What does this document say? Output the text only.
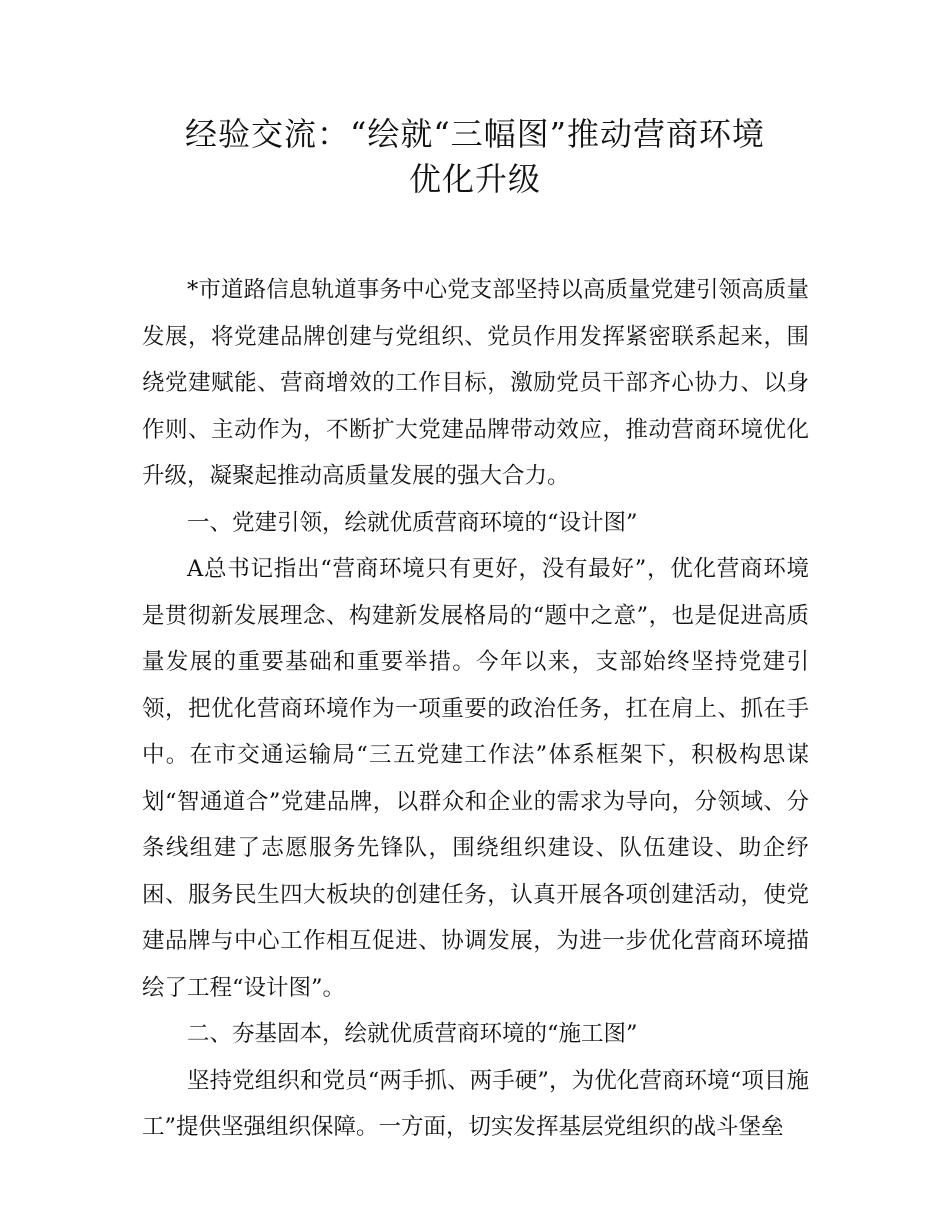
经验交流：“绘就“三幅图”推动营商环境
优化升级

*市道路信息轨道事务中心党支部坚持以高质量党建引领高质量发展，将党建品牌创建与党组织、党员作用发挥紧密联系起来，围绕党建赋能、营商增效的工作目标，激励党员干部齐心协力、以身作则、主动作为，不断扩大党建品牌带动效应，推动营商环境优化升级，凝聚起推动高质量发展的强大合力。

一、党建引领，绘就优质营商环境的“设计图”

A总书记指出“营商环境只有更好，没有最好”，优化营商环境是贯彻新发展理念、构建新发展格局的“题中之意”，也是促进高质量发展的重要基础和重要举措。今年以来，支部始终坚持党建引领，把优化营商环境作为一项重要的政治任务，扛在肩上、抓在手中。在市交通运输局“三五党建工作法”体系框架下，积极构思谋划“智通道合”党建品牌，以群众和企业的需求为导向，分领域、分条线组建了志愿服务先锋队，围绕组织建设、队伍建设、助企纾困、服务民生四大板块的创建任务，认真开展各项创建活动，使党建品牌与中心工作相互促进、协调发展，为进一步优化营商环境描绘了工程“设计图”。

二、夯基固本，绘就优质营商环境的“施工图”

坚持党组织和党员“两手抓、两手硬”，为优化营商环境“项目施工”提供坚强组织保障。一方面，切实发挥基层党组织的战斗堡垒
